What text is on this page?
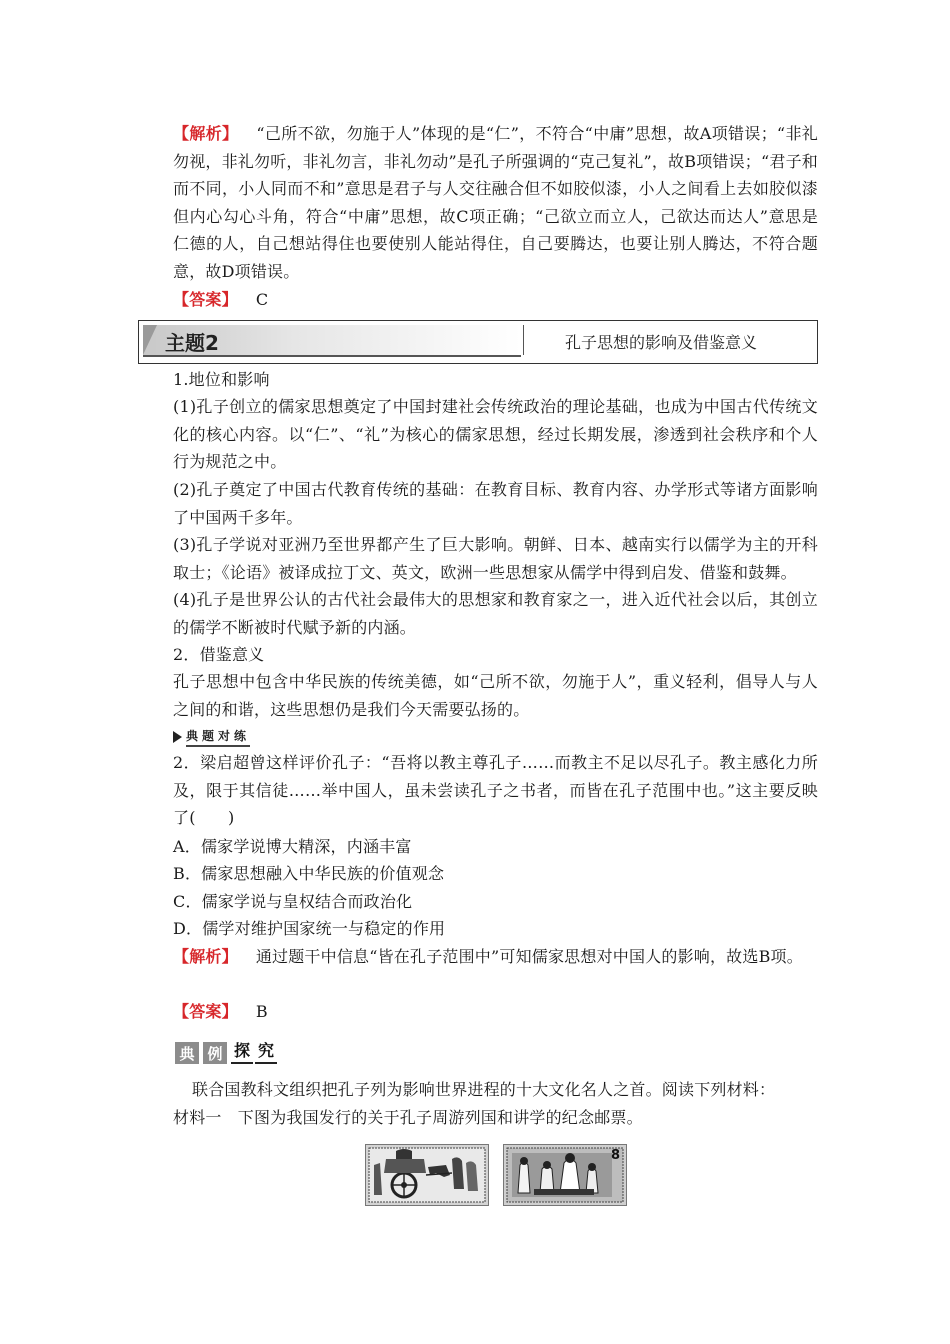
【解析】 “己所不欲，勿施于人”体现的是“仁”，不符合“中庸”思想，故A项错误；“非礼勿视，非礼勿听，非礼勿言，非礼勿动”是孔子所强调的“克己复礼”，故B项错误；“君子和而不同，小人同而不和”意思是君子与人交往融合但不如胶似漆，小人之间看上去如胶似漆但内心勾心斗角，符合“中庸”思想，故C项正确；“己欲立而立人，己欲达而达人”意思是仁德的人，自己想站得住也要使别人能站得住，自己要腾达，也要让别人腾达，不符合题意，故D项错误。

【答案】 C

主题2	孔子思想的影响及借鉴意义

1.地位和影响

(1)孔子创立的儒家思想奠定了中国封建社会传统政治的理论基础，也成为中国古代传统文化的核心内容。以“仁”、“礼”为核心的儒家思想，经过长期发展，渗透到社会秩序和个人行为规范之中。

(2)孔子奠定了中国古代教育传统的基础：在教育目标、教育内容、办学形式等诸方面影响了中国两千多年。

(3)孔子学说对亚洲乃至世界都产生了巨大影响。朝鲜、日本、越南实行以儒学为主的开科取士；《论语》被译成拉丁文、英文，欧洲一些思想家从儒学中得到启发、借鉴和鼓舞。

(4)孔子是世界公认的古代社会最伟大的思想家和教育家之一，进入近代社会以后，其创立的儒学不断被时代赋予新的内涵。

2．借鉴意义

孔子思想中包含中华民族的传统美德，如“己所不欲，勿施于人”，重义轻利，倡导人与人之间的和谐，这些思想仍是我们今天需要弘扬的。

典题对练

2．梁启超曾这样评价孔子：“吾将以教主尊孔子……而教主不足以尽孔子。教主感化力所及，限于其信徒……举中国人，虽未尝读孔子之书者，而皆在孔子范围中也。”这主要反映了(　　)

A．儒家学说博大精深，内涵丰富

B．儒家思想融入中华民族的价值观念

C．儒家学说与皇权结合而政治化

D．儒学对维护国家统一与稳定的作用

【解析】 通过题干中信息“皆在孔子范围中”可知儒家思想对中国人的影响，故选B项。

【答案】 B

典 例 探 究

联合国教科文组织把孔子列为影响世界进程的十大文化名人之首。阅读下列材料：

材料一　下图为我国发行的关于孔子周游列国和讲学的纪念邮票。

8
